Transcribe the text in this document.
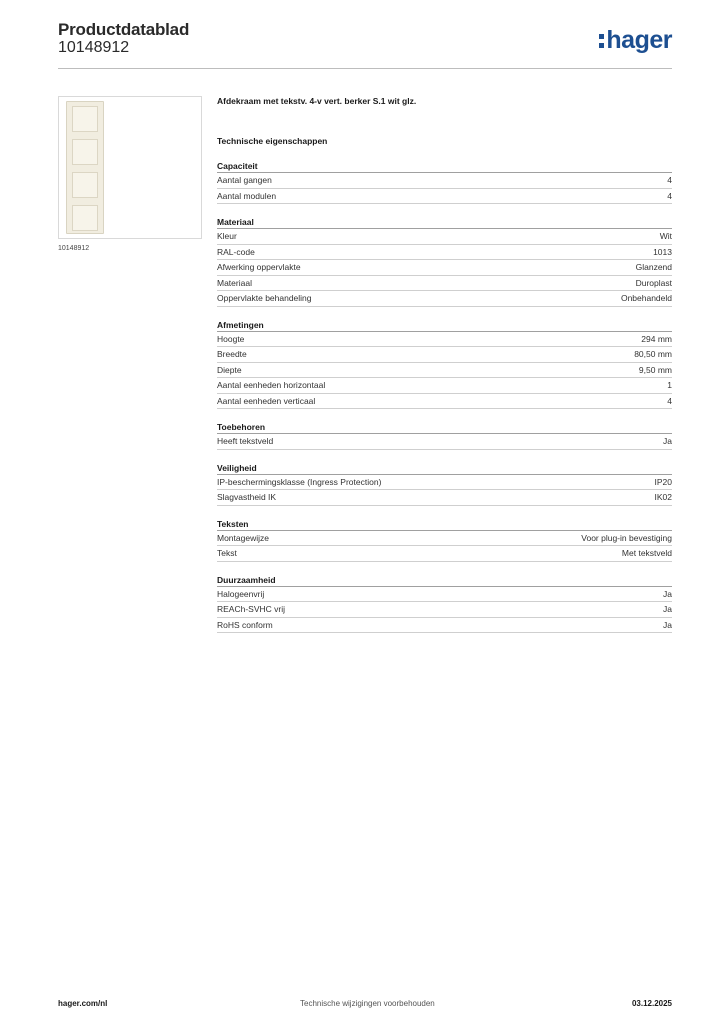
Productdatablad
10148912	hager
10148912

Afdekraam met tekstv. 4-v vert. berker S.1 wit glz.

Technische eigenschappen

Capaciteit
Aantal gangen	4
Aantal modulen	4
Materiaal
Kleur	Wit
RAL-code	1013
Afwerking oppervlakte	Glanzend
Materiaal	Duroplast
Oppervlakte behandeling	Onbehandeld
Afmetingen
Hoogte	294 mm
Breedte	80,50 mm
Diepte	9,50 mm
Aantal eenheden horizontaal	1
Aantal eenheden verticaal	4
Toebehoren
Heeft tekstveld	Ja
Veiligheid
IP-beschermingsklasse (Ingress Protection)	IP20
Slagvastheid IK	IK02
Teksten
Montagewijze	Voor plug-in bevestiging
Tekst	Met tekstveld
Duurzaamheid
Halogeenvrij	Ja
REACh-SVHC vrij	Ja
RoHS conform	Ja
hager.com/nl	Technische wijzigingen voorbehouden	03.12.2025
